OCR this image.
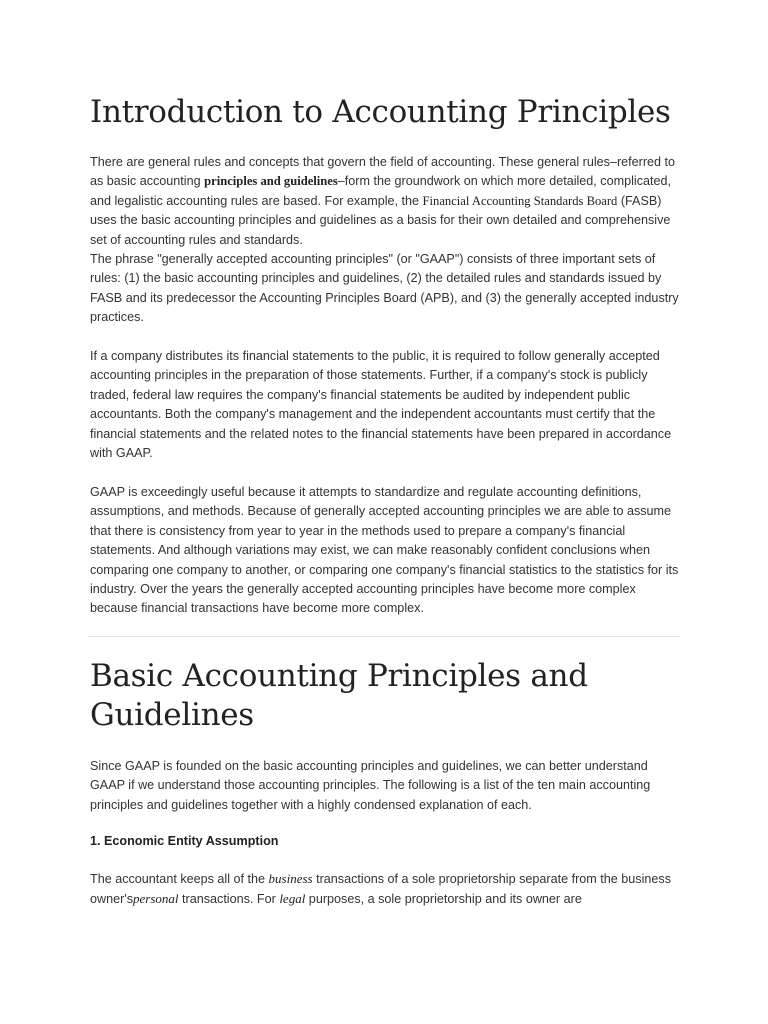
Introduction to Accounting Principles

There are general rules and concepts that govern the field of accounting. These general rules–referred to as basic accounting principles and guidelines–form the groundwork on which more detailed, complicated, and legalistic accounting rules are based. For example, the Financial Accounting Standards Board (FASB) uses the basic accounting principles and guidelines as a basis for their own detailed and comprehensive set of accounting rules and standards.
The phrase "generally accepted accounting principles" (or "GAAP") consists of three important sets of rules: (1) the basic accounting principles and guidelines, (2) the detailed rules and standards issued by FASB and its predecessor the Accounting Principles Board (APB), and (3) the generally accepted industry practices.

If a company distributes its financial statements to the public, it is required to follow generally accepted accounting principles in the preparation of those statements. Further, if a company's stock is publicly traded, federal law requires the company's financial statements be audited by independent public accountants. Both the company's management and the independent accountants must certify that the financial statements and the related notes to the financial statements have been prepared in accordance with GAAP.

GAAP is exceedingly useful because it attempts to standardize and regulate accounting definitions, assumptions, and methods. Because of generally accepted accounting principles we are able to assume that there is consistency from year to year in the methods used to prepare a company's financial statements. And although variations may exist, we can make reasonably confident conclusions when comparing one company to another, or comparing one company's financial statistics to the statistics for its industry. Over the years the generally accepted accounting principles have become more complex because financial transactions have become more complex.

Basic Accounting Principles and Guidelines

Since GAAP is founded on the basic accounting principles and guidelines, we can better understand GAAP if we understand those accounting principles. The following is a list of the ten main accounting principles and guidelines together with a highly condensed explanation of each.

1. Economic Entity Assumption

The accountant keeps all of the business transactions of a sole proprietorship separate from the business owner'spersonal transactions. For legal purposes, a sole proprietorship and its owner are
